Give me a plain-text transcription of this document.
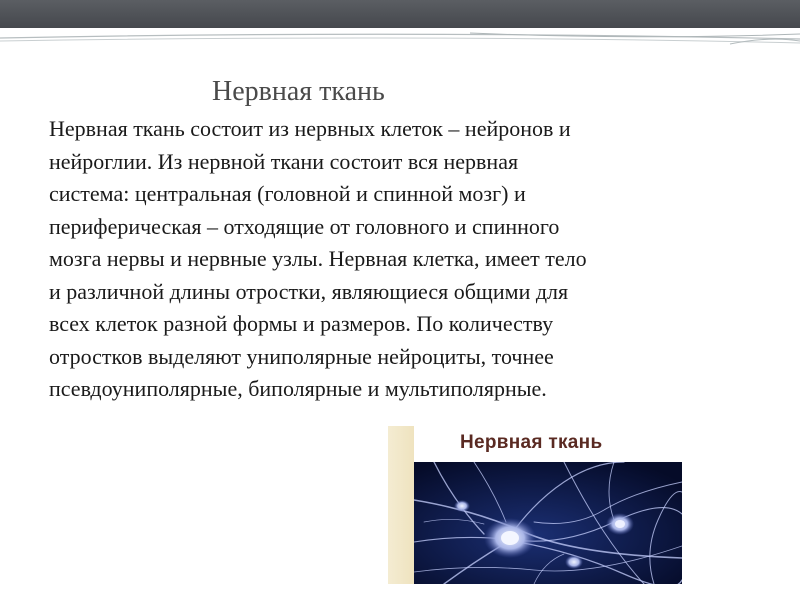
Нервная ткань

Нервная ткань состоит из нервных клеток – нейронов и
нейроглии. Из нервной ткани состоит вся нервная
система: центральная (головной и спинной мозг) и
периферическая – отходящие от головного и спинного
мозга нервы и нервные узлы. Нервная клетка, имеет тело
и различной длины отростки, являющиеся общими для
всех клеток разной формы и размеров. По количеству
отростков выделяют униполярные нейроциты, точнее
псевдоуниполярные, биполярные и мультиполярные.

Нервная ткань
